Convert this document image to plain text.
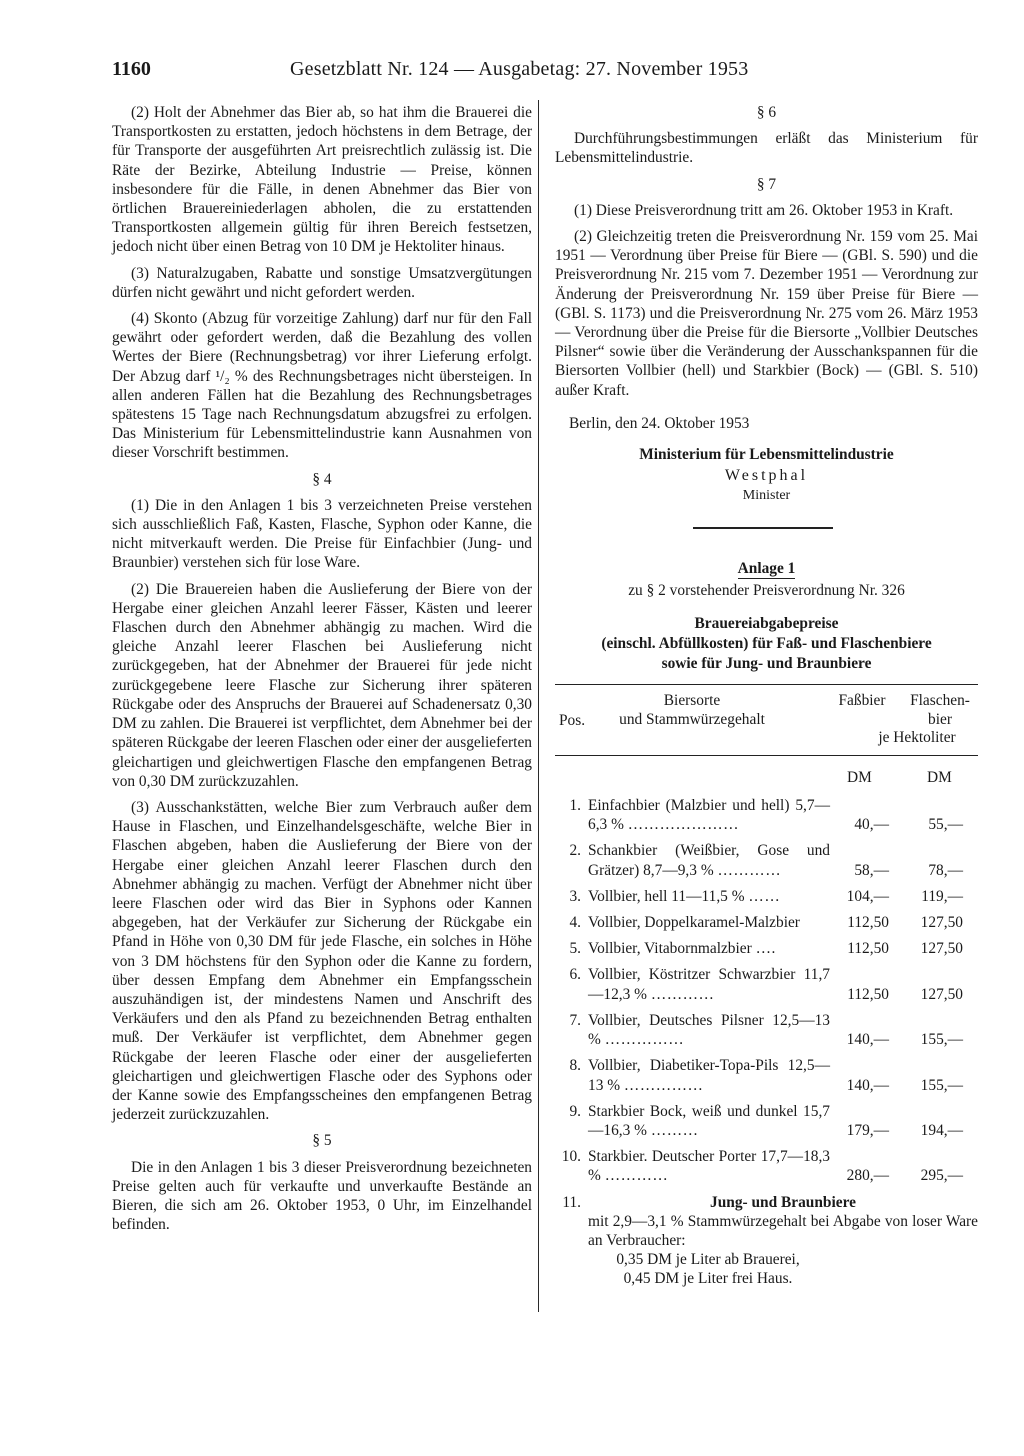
1160	Gesetzblatt Nr. 124 — Ausgabetag: 27. November 1953

(2) Holt der Abnehmer das Bier ab, so hat ihm die Brauerei die Transportkosten zu erstatten, jedoch höchstens in dem Betrage, der für Transporte der ausgeführten Art preisrechtlich zulässig ist. Die Räte der Bezirke, Abteilung Industrie — Preise, können insbesondere für die Fälle, in denen Abnehmer das Bier von örtlichen Brauereiniederlagen abholen, die zu erstattenden Transportkosten allgemein gültig für ihren Bereich festsetzen, jedoch nicht über einen Betrag von 10 DM je Hektoliter hinaus.

(3) Naturalzugaben, Rabatte und sonstige Umsatzvergütungen dürfen nicht gewährt und nicht gefordert werden.

(4) Skonto (Abzug für vorzeitige Zahlung) darf nur für den Fall gewährt oder gefordert werden, daß die Bezahlung des vollen Wertes der Biere (Rechnungsbetrag) vor ihrer Lieferung erfolgt. Der Abzug darf ¹/₂ % des Rechnungsbetrages nicht übersteigen. In allen anderen Fällen hat die Bezahlung des Rechnungsbetrages spätestens 15 Tage nach Rechnungsdatum abzugsfrei zu erfolgen. Das Ministerium für Lebensmittelindustrie kann Ausnahmen von dieser Vorschrift bestimmen.

§ 4

(1) Die in den Anlagen 1 bis 3 verzeichneten Preise verstehen sich ausschließlich Faß, Kasten, Flasche, Syphon oder Kanne, die nicht mitverkauft werden. Die Preise für Einfachbier (Jung- und Braunbier) verstehen sich für lose Ware.

(2) Die Brauereien haben die Auslieferung der Biere von der Hergabe einer gleichen Anzahl leerer Fässer, Kästen und leerer Flaschen durch den Abnehmer abhängig zu machen. Wird die gleiche Anzahl leerer Flaschen bei Auslieferung nicht zurückgegeben, hat der Abnehmer der Brauerei für jede nicht zurückgegebene leere Flasche zur Sicherung ihrer späteren Rückgabe oder des Anspruchs der Brauerei auf Schadenersatz 0,30 DM zu zahlen. Die Brauerei ist verpflichtet, dem Abnehmer bei der späteren Rückgabe der leeren Flaschen oder einer der ausgelieferten gleichartigen und gleichwertigen Flasche den empfangenen Betrag von 0,30 DM zurückzuzahlen.

(3) Ausschankstätten, welche Bier zum Verbrauch außer dem Hause in Flaschen, und Einzelhandelsgeschäfte, welche Bier in Flaschen abgeben, haben die Auslieferung der Biere von der Hergabe einer gleichen Anzahl leerer Flaschen durch den Abnehmer abhängig zu machen. Verfügt der Abnehmer nicht über leere Flaschen oder wird das Bier in Syphons oder Kannen abgegeben, hat der Verkäufer zur Sicherung der Rückgabe ein Pfand in Höhe von 0,30 DM für jede Flasche, ein solches in Höhe von 3 DM höchstens für den Syphon oder die Kanne zu fordern, über dessen Empfang dem Abnehmer ein Empfangsschein auszuhändigen ist, der mindestens Namen und Anschrift des Verkäufers und den als Pfand zu bezeichnenden Betrag enthalten muß. Der Verkäufer ist verpflichtet, dem Abnehmer gegen Rückgabe der leeren Flasche oder einer der ausgelieferten gleichartigen und gleichwertigen Flasche oder des Syphons oder der Kanne sowie des Empfangsscheines den empfangenen Betrag jederzeit zurückzuzahlen.

§ 5

Die in den Anlagen 1 bis 3 dieser Preisverordnung bezeichneten Preise gelten auch für verkaufte und unverkaufte Bestände an Bieren, die sich am 26. Oktober 1953, 0 Uhr, im Einzelhandel befinden.

§ 6

Durchführungsbestimmungen erläßt das Ministerium für Lebensmittelindustrie.

§ 7

(1) Diese Preisverordnung tritt am 26. Oktober 1953 in Kraft.

(2) Gleichzeitig treten die Preisverordnung Nr. 159 vom 25. Mai 1951 — Verordnung über Preise für Biere — (GBl. S. 590) und die Preisverordnung Nr. 215 vom 7. Dezember 1951 — Verordnung zur Änderung der Preisverordnung Nr. 159 über Preise für Biere — (GBl. S. 1173) und die Preisverordnung Nr. 275 vom 26. März 1953 — Verordnung über die Preise für die Biersorte „Vollbier Deutsches Pilsner“ sowie über die Veränderung der Ausschankspannen für die Biersorten Vollbier (hell) und Starkbier (Bock) — (GBl. S. 510) außer Kraft.

Berlin, den 24. Oktober 1953
Ministerium für Lebensmittelindustrie
Westphal
Minister
Anlage 1
zu § 2 vorstehender Preisverordnung Nr. 326
Brauereiabgabepreise
(einschl. Abfüllkosten) für Faß- und Flaschenbiere
sowie für Jung- und Braunbiere
Pos.
Biersorte
und Stammwürzegehalt
Faßbier	Flaschen-
bier
je Hektoliter
DM	DM
1. Einfachbier (Malzbier und hell) 5,7—6,3 % …………………	40,—	55,—
2. Schankbier (Weißbier, Gose und Grätzer) 8,7—9,3 % …………	58,—	78,—
3. Vollbier, hell 11—11,5 % ……	104,—	119,—
4. Vollbier, Doppelkaramel-Malzbier	112,50	127,50
5. Vollbier, Vitabornmalzbier ….	112,50	127,50
6. Vollbier, Köstritzer Schwarzbier 11,7—12,3 % …………	112,50	127,50
7. Vollbier, Deutsches Pilsner 12,5—13 % ……………	140,—	155,—
8. Vollbier, Diabetiker-Topa-Pils 12,5—13 % ……………	140,—	155,—
9. Starkbier Bock, weiß und dunkel 15,7—16,3 % ………	179,—	194,—
10. Starkbier. Deutscher Porter 17,7—18,3 % …………	280,—	295,—
11.	Jung- und Braunbiere
mit 2,9—3,1 % Stammwürzegehalt bei Abgabe von loser Ware an Verbraucher:
0,35 DM je Liter ab Brauerei,
0,45 DM je Liter frei Haus.
